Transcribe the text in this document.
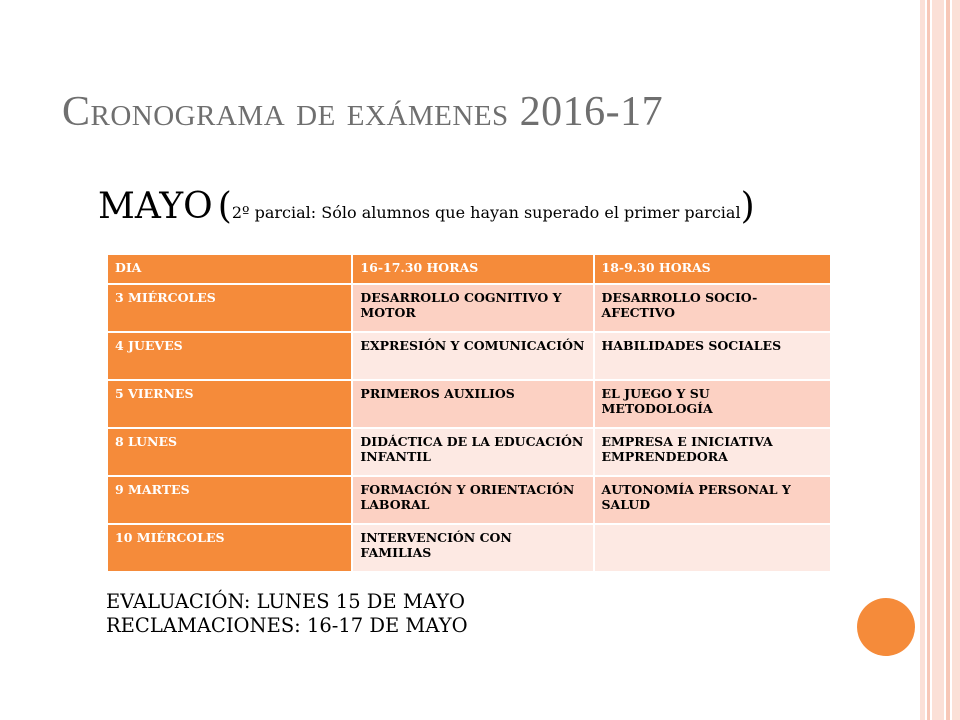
Cronograma de exámenes 2016-17
MAYO (2º parcial: Sólo alumnos que hayan superado el primer parcial)
DIA	16-17.30 HORAS	18-9.30 HORAS
3 MIÉRCOLES	DESARROLLO COGNITIVO Y MOTOR	DESARROLLO SOCIO-AFECTIVO
4 JUEVES	EXPRESIÓN Y COMUNICACIÓN	HABILIDADES SOCIALES
5 VIERNES	PRIMEROS AUXILIOS	EL JUEGO Y SU METODOLOGÍA
8 LUNES	DIDÁCTICA DE LA EDUCACIÓN INFANTIL	EMPRESA E INICIATIVA EMPRENDEDORA
9 MARTES	FORMACIÓN Y ORIENTACIÓN LABORAL	AUTONOMÍA PERSONAL Y SALUD
10 MIÉRCOLES	INTERVENCIÓN CON FAMILIAS	
EVALUACIÓN: LUNES 15 DE MAYO
RECLAMACIONES: 16-17 DE MAYO
